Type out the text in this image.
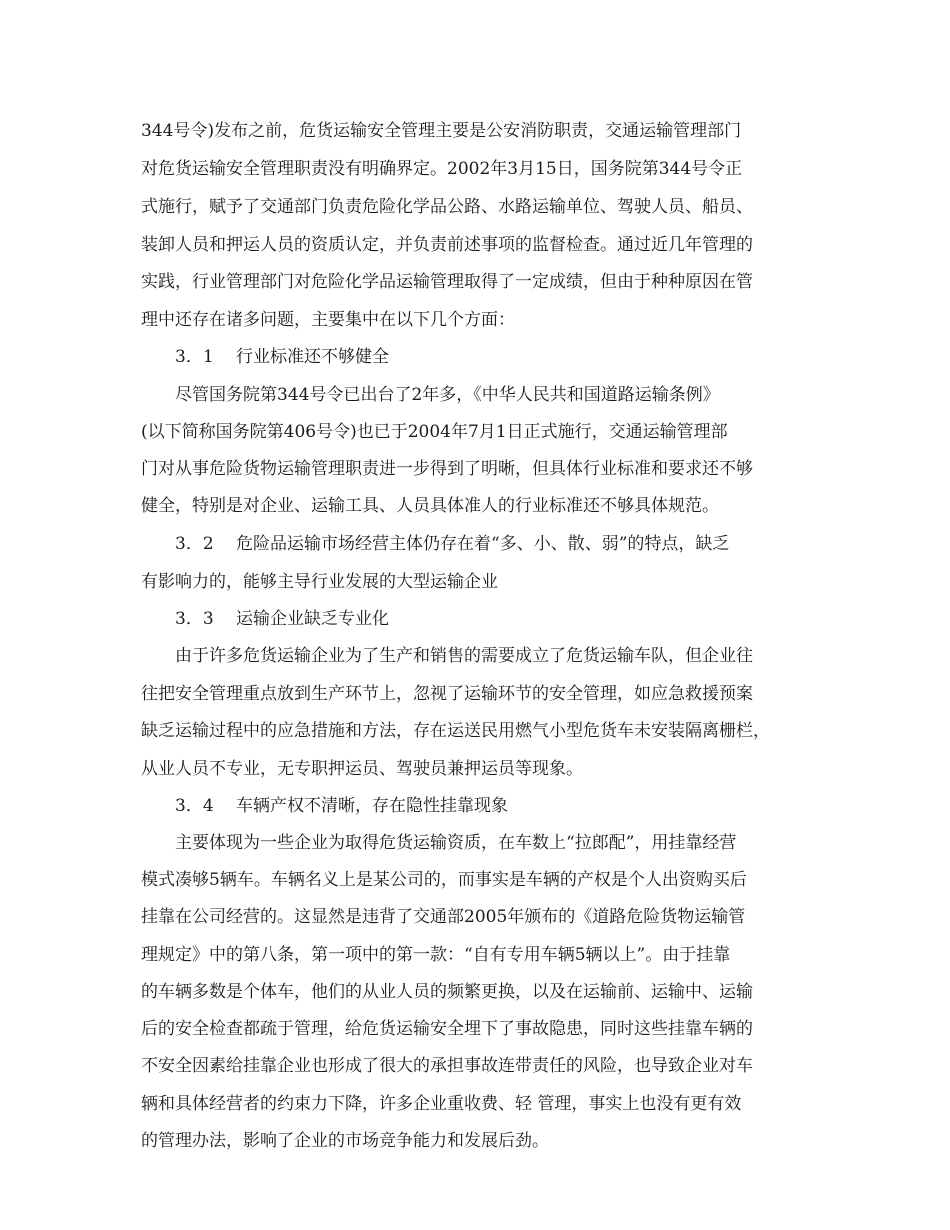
344号令)发布之前，危货运输安全管理主要是公安消防职责，交通运输管理部门
对危货运输安全管理职责没有明确界定。2002年3月15日，国务院第344号令正
式施行，赋予了交通部门负责危险化学品公路、水路运输单位、驾驶人员、船员、
装卸人员和押运人员的资质认定，并负责前述事项的监督检查。通过近几年管理的
实践，行业管理部门对危险化学品运输管理取得了一定成绩，但由于种种原因在管
理中还存在诸多问题，主要集中在以下几个方面：
3．1　 行业标准还不够健全
尽管国务院第344号令已出台了2年多，《中华人民共和国道路运输条例》
(以下简称国务院第406号令)也已于2004年7月1日正式施行，交通运输管理部
门对从事危险货物运输管理职责进一步得到了明晰，但具体行业标准和要求还不够
健全，特别是对企业、运输工具、人员具体准人的行业标准还不够具体规范。
3．2　 危险品运输市场经营主体仍存在着“多、小、散、弱”的特点，缺乏
有影响力的，能够主导行业发展的大型运输企业
3．3　 运输企业缺乏专业化
由于许多危货运输企业为了生产和销售的需要成立了危货运输车队，但企业往
往把安全管理重点放到生产环节上，忽视了运输环节的安全管理，如应急救援预案
缺乏运输过程中的应急措施和方法，存在运送民用燃气小型危货车未安装隔离栅栏，
从业人员不专业，无专职押运员、驾驶员兼押运员等现象。
3．4　 车辆产权不清晰，存在隐性挂靠现象
主要体现为一些企业为取得危货运输资质，在车数上“拉郎配”，用挂靠经营
模式凑够5辆车。车辆名义上是某公司的，而事实是车辆的产权是个人出资购买后
挂靠在公司经营的。这显然是违背了交通部2005年颁布的《道路危险货物运输管
理规定》中的第八条，第一项中的第一款：“自有专用车辆5辆以上”。由于挂靠
的车辆多数是个体车，他们的从业人员的频繁更换，以及在运输前、运输中、运输
后的安全检查都疏于管理，给危货运输安全埋下了事故隐患，同时这些挂靠车辆的
不安全因素给挂靠企业也形成了很大的承担事故连带责任的风险，也导致企业对车
辆和具体经营者的约束力下降，许多企业重收费、轻 管理，事实上也没有更有效
的管理办法，影响了企业的市场竞争能力和发展后劲。
